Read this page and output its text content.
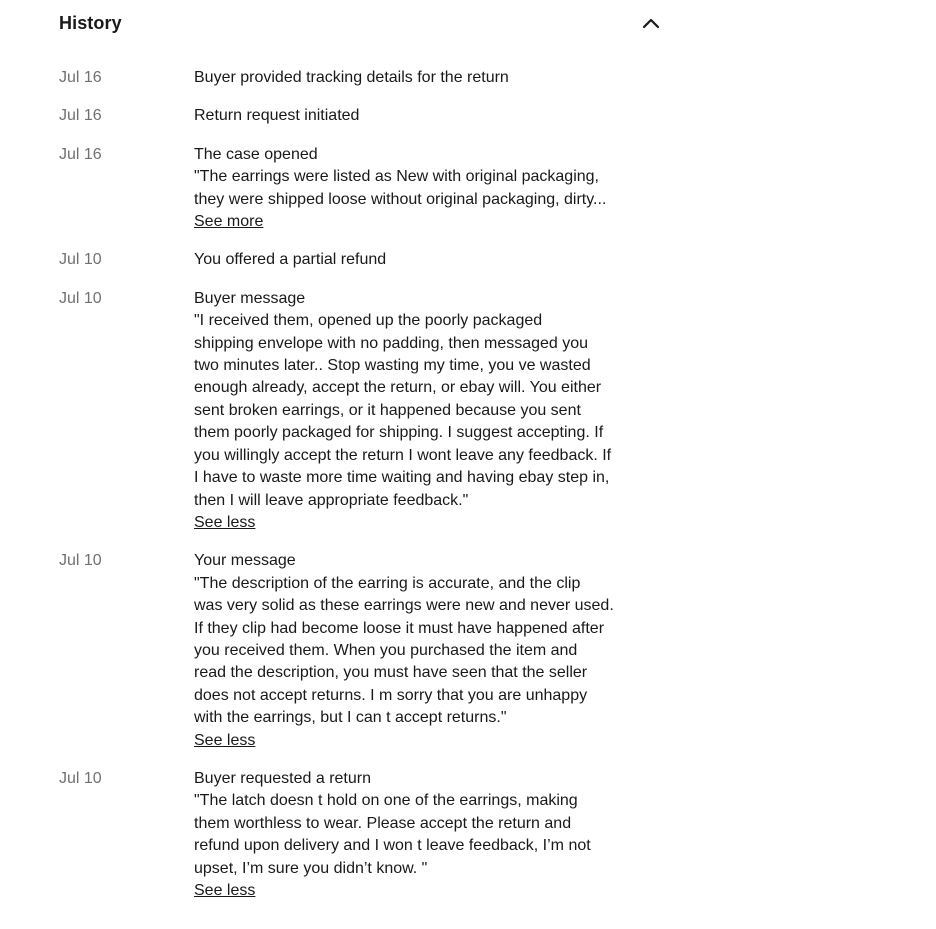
History
Jul 16	Buyer provided tracking details for the return
Jul 16	Return request initiated
Jul 16	The case opened
"The earrings were listed as New with original packaging,
they were shipped loose without original packaging, dirty...
See more
Jul 10	You offered a partial refund
Jul 10	Buyer message
"I received them, opened up the poorly packaged
shipping envelope with no padding, then messaged you
two minutes later.. Stop wasting my time, you ve wasted
enough already, accept the return, or ebay will. You either
sent broken earrings, or it happened because you sent
them poorly packaged for shipping. I suggest accepting. If
you willingly accept the return I wont leave any feedback. If
I have to waste more time waiting and having ebay step in,
then I will leave appropriate feedback."
See less
Jul 10	Your message
"The description of the earring is accurate, and the clip
was very solid as these earrings were new and never used.
If they clip had become loose it must have happened after
you received them. When you purchased the item and
read the description, you must have seen that the seller
does not accept returns. I m sorry that you are unhappy
with the earrings, but I can t accept returns."
See less
Jul 10	Buyer requested a return
"The latch doesn t hold on one of the earrings, making
them worthless to wear. Please accept the return and
refund upon delivery and I won t leave feedback, I’m not
upset, I’m sure you didn’t know. "
See less
